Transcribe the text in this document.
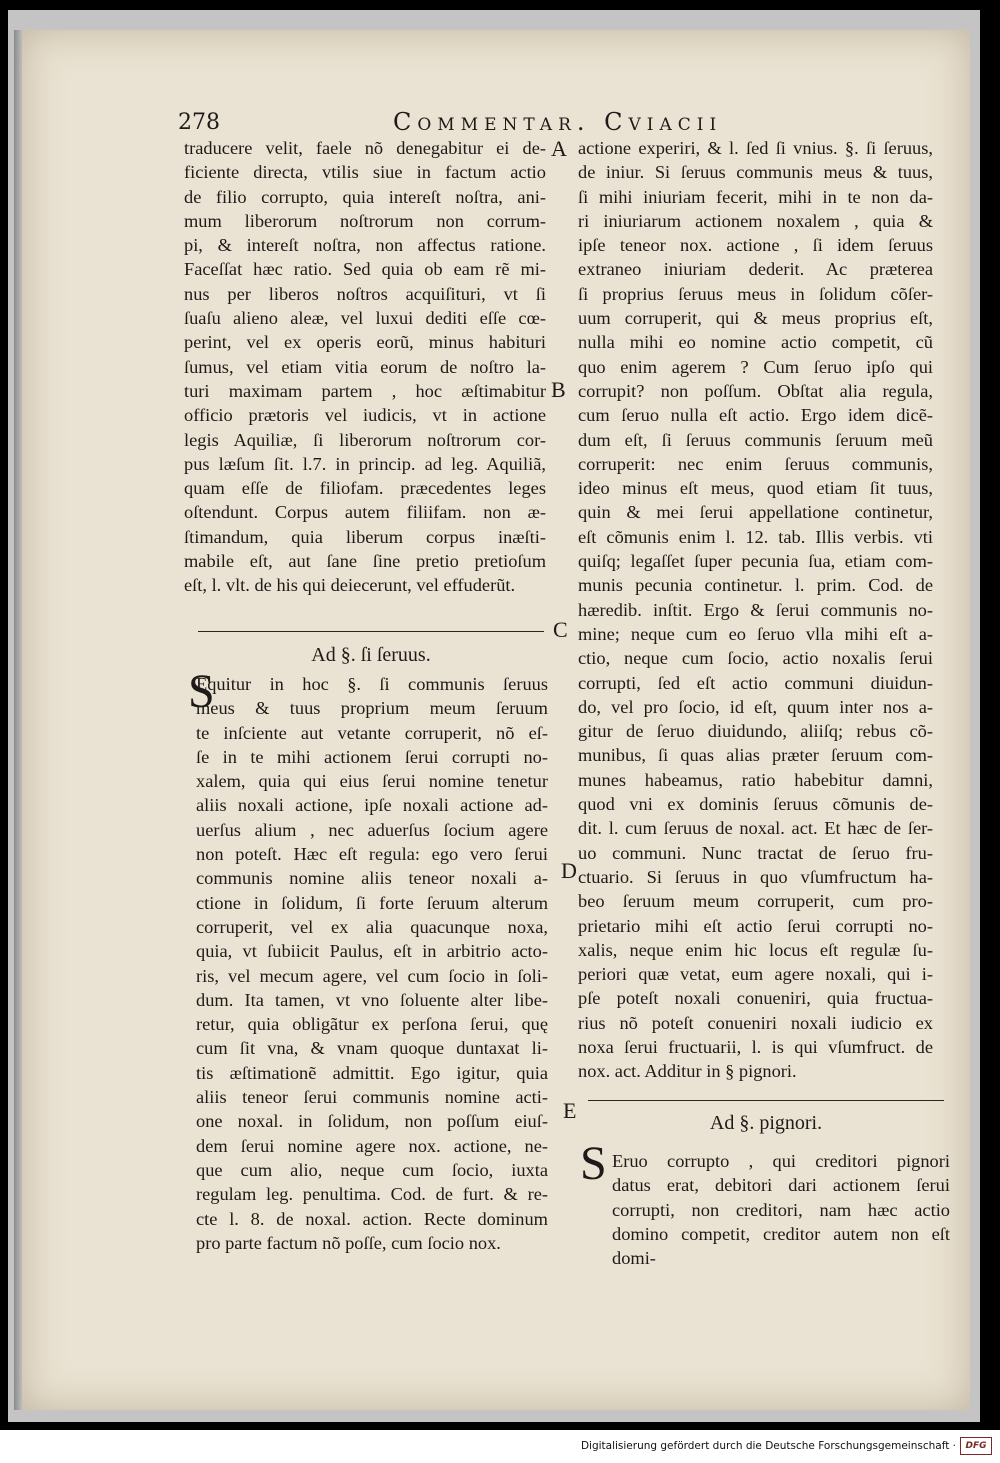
278	Commentar. Cviacii
traducere velit, faele nõ denegabitur ei de-
ficiente directa, vtilis siue in factum actio
de filio corrupto, quia intereſt noſtra, ani-
mum liberorum noſtrorum non corrum-
pi, & intereſt noſtra, non affectus ratione.
Faceſſat hæc ratio. Sed quia ob eam rẽ mi-
nus per liberos noſtros acquiſituri, vt ſi
ſuaſu alieno aleæ, vel luxui dediti eſſe cœ-
perint, vel ex operis eorũ, minus habituri
ſumus, vel etiam vitia eorum de noſtro la-
turi maximam partem , hoc æſtimabitur
officio prætoris vel iudicis, vt in actione
legis Aquiliæ, ſi liberorum noſtrorum cor-
pus læſum ſit. l.7. in princip. ad leg. Aquiliã,
quam eſſe de filiofam. præcedentes leges
oſtendunt. Corpus autem filiifam. non æ-
ſtimandum, quia liberum corpus inæſti-
mabile eſt, aut ſane ſine pretio pretioſum
eſt, l. vlt. de his qui deiecerunt, vel effuderũt.
actione experiri, & l. ſed ſi vnius. §. ſi ſeruus,
de iniur. Si ſeruus communis meus & tuus,
ſi mihi iniuriam fecerit, mihi in te non da-
ri iniuriarum actionem noxalem , quia &
ipſe teneor nox. actione , ſi idem ſeruus
extraneo iniuriam dederit. Ac præterea
ſi proprius ſeruus meus in ſolidum cõſer-
uum corruperit, qui & meus proprius eſt,
nulla mihi eo nomine actio competit, cũ
quo enim agerem ? Cum ſeruo ipſo qui
corrupit? non poſſum. Obſtat alia regula,
cum ſeruo nulla eſt actio. Ergo idem dicẽ-
dum eſt, ſi ſeruus communis ſeruum meũ
corruperit: nec enim ſeruus communis,
ideo minus eſt meus, quod etiam ſit tuus,
quin & mei ſerui appellatione continetur,
eſt cõmunis enim l. 12. tab. Illis verbis. vti
quiſq; legaſſet ſuper pecunia ſua, etiam com-
munis pecunia continetur. l. prim. Cod. de
hæredib. inſtit. Ergo & ſerui communis no-
mine; neque cum eo ſeruo vlla mihi eſt a-
ctio, neque cum ſocio, actio noxalis ſerui
corrupti, ſed eſt actio communi diuidun-
do, vel pro ſocio, id eſt, quum inter nos a-
gitur de ſeruo diuidundo, aliiſq; rebus cõ-
munibus, ſi quas alias præter ſeruum com-
munes habeamus, ratio habebitur damni,
quod vni ex dominis ſeruus cõmunis de-
dit. l. cum ſeruus de noxal. act. Et hæc de ſer-
uo communi. Nunc tractat de ſeruo fru-
ctuario. Si ſeruus in quo vſumfructum ha-
beo ſeruum meum corruperit, cum pro-
prietario mihi eſt actio ſerui corrupti no-
xalis, neque enim hic locus eſt regulæ ſu-
periori quæ vetat, eum agere noxali, qui i-
pſe poteſt noxali conueniri, quia fructua-
rius nõ poteſt conueniri noxali iudicio ex
noxa ſerui fructuarii, l. is qui vſumfruct. de
nox. act. Additur in § pignori.
Equitur in hoc §. ſi communis ſeruus
meus & tuus proprium meum ſeruum
te inſciente aut vetante corruperit, nõ eſ-
ſe in te mihi actionem ſerui corrupti no-
xalem, quia qui eius ſerui nomine tenetur
aliis noxali actione, ipſe noxali actione ad-
uerſus alium , nec aduerſus ſocium agere
non poteſt. Hæc eſt regula: ego vero ſerui
communis nomine aliis teneor noxali a-
ctione in ſolidum, ſi forte ſeruum alterum
corruperit, vel ex alia quacunque noxa,
quia, vt ſubiicit Paulus, eſt in arbitrio acto-
ris, vel mecum agere, vel cum ſocio in ſoli-
dum. Ita tamen, vt vno ſoluente alter libe-
retur, quia obligãtur ex perſona ſerui, quę
cum ſit vna, & vnam quoque duntaxat li-
tis æſtimationẽ admittit. Ego igitur, quia
aliis teneor ſerui communis nomine acti-
one noxal. in ſolidum, non poſſum eiuſ-
dem ſerui nomine agere nox. actione, ne-
que cum alio, neque cum ſocio, iuxta
regulam leg. penultima. Cod. de furt. & re-
cte l. 8. de noxal. action. Recte dominum
pro parte factum nõ poſſe, cum ſocio nox.
Eruo corrupto , qui creditori pignori
datus erat, debitori dari actionem ſerui
corrupti, non creditori, nam hæc actio
domino competit, creditor autem non eſt
domi-
Ad §. ſi ſeruus.
S
Ad §. pignori.
S
A
B
C
D
E
Digitalisierung gefördert durch die Deutsche Forschungsgemeinschaft ·	DFG
